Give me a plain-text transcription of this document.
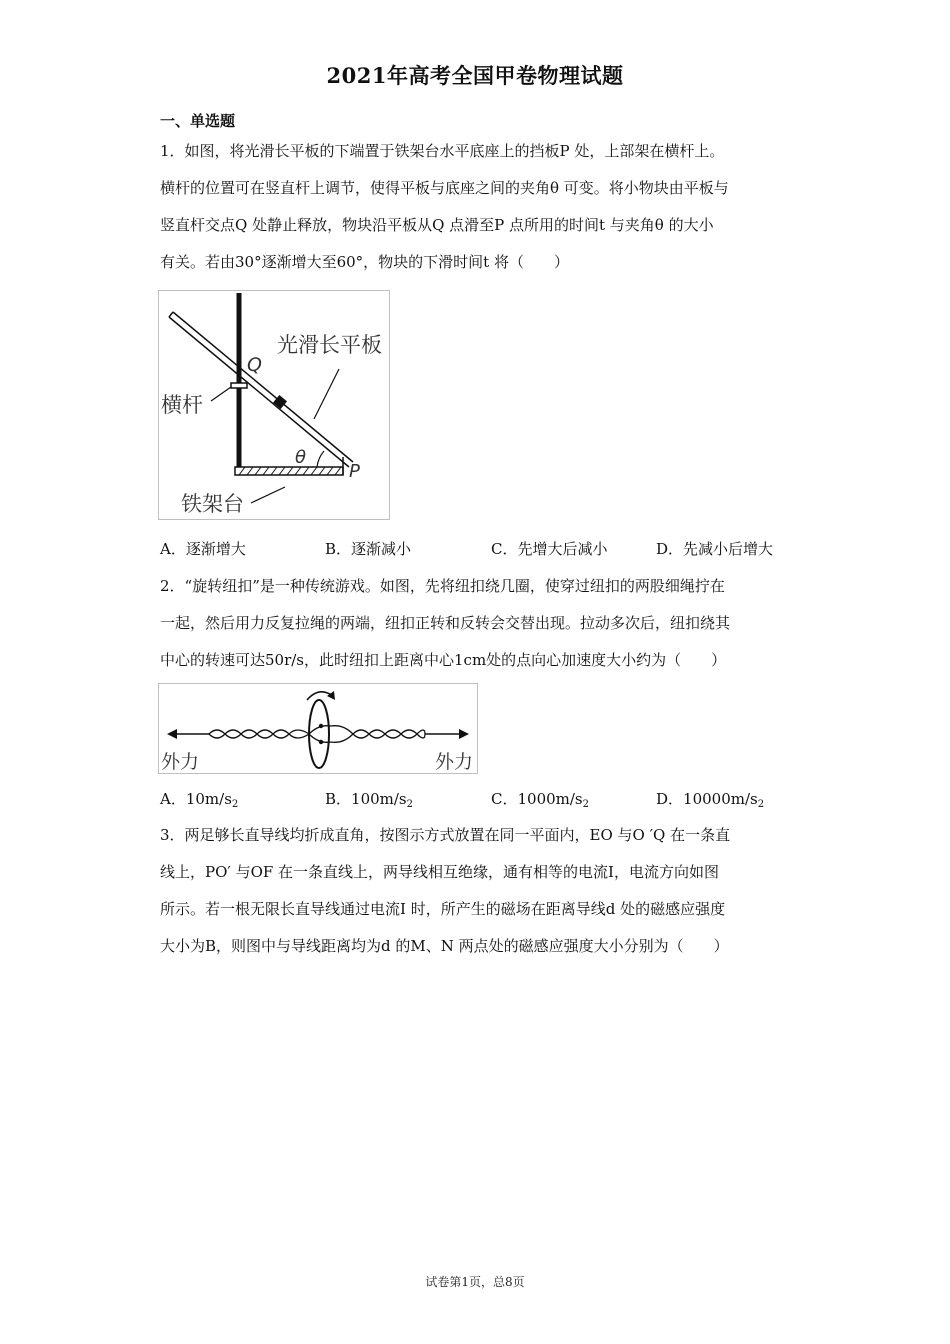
2021年高考全国甲卷物理试题
一、单选题
1．如图，将光滑长平板的下端置于铁架台水平底座上的挡板P 处，上部架在横杆上。
横杆的位置可在竖直杆上调节，使得平板与底座之间的夹角θ 可变。将小物块由平板与
竖直杆交点Q 处静止释放，物块沿平板从Q 点滑至P 点所用的时间t 与夹角θ 的大小
有关。若由30°逐渐增大至60°，物块的下滑时间t 将（　　）
光滑长平板
Q
横杆
θ
P
铁架台
A．逐渐增大	B．逐渐减小	C．先增大后减小	D．先减小后增大
2．“旋转纽扣”是一种传统游戏。如图，先将纽扣绕几圈，使穿过纽扣的两股细绳拧在
一起，然后用力反复拉绳的两端，纽扣正转和反转会交替出现。拉动多次后，纽扣绕其
中心的转速可达50r/s，此时纽扣上距离中心1cm处的点向心加速度大小约为（　　）
外力	外力
A．$10m/s_2$	B．$100m/s_2$	C．$1000m/s_2$	D．$10000m/s_2$
3．两足够长直导线均折成直角，按图示方式放置在同一平面内，EO 与O ′Q 在一条直
线上，PO′ 与OF 在一条直线上，两导线相互绝缘，通有相等的电流I，电流方向如图
所示。若一根无限长直导线通过电流I 时，所产生的磁场在距离导线d 处的磁感应强度
大小为B，则图中与导线距离均为d 的M、N 两点处的磁感应强度大小分别为（　　）
试卷第1页，总8页
